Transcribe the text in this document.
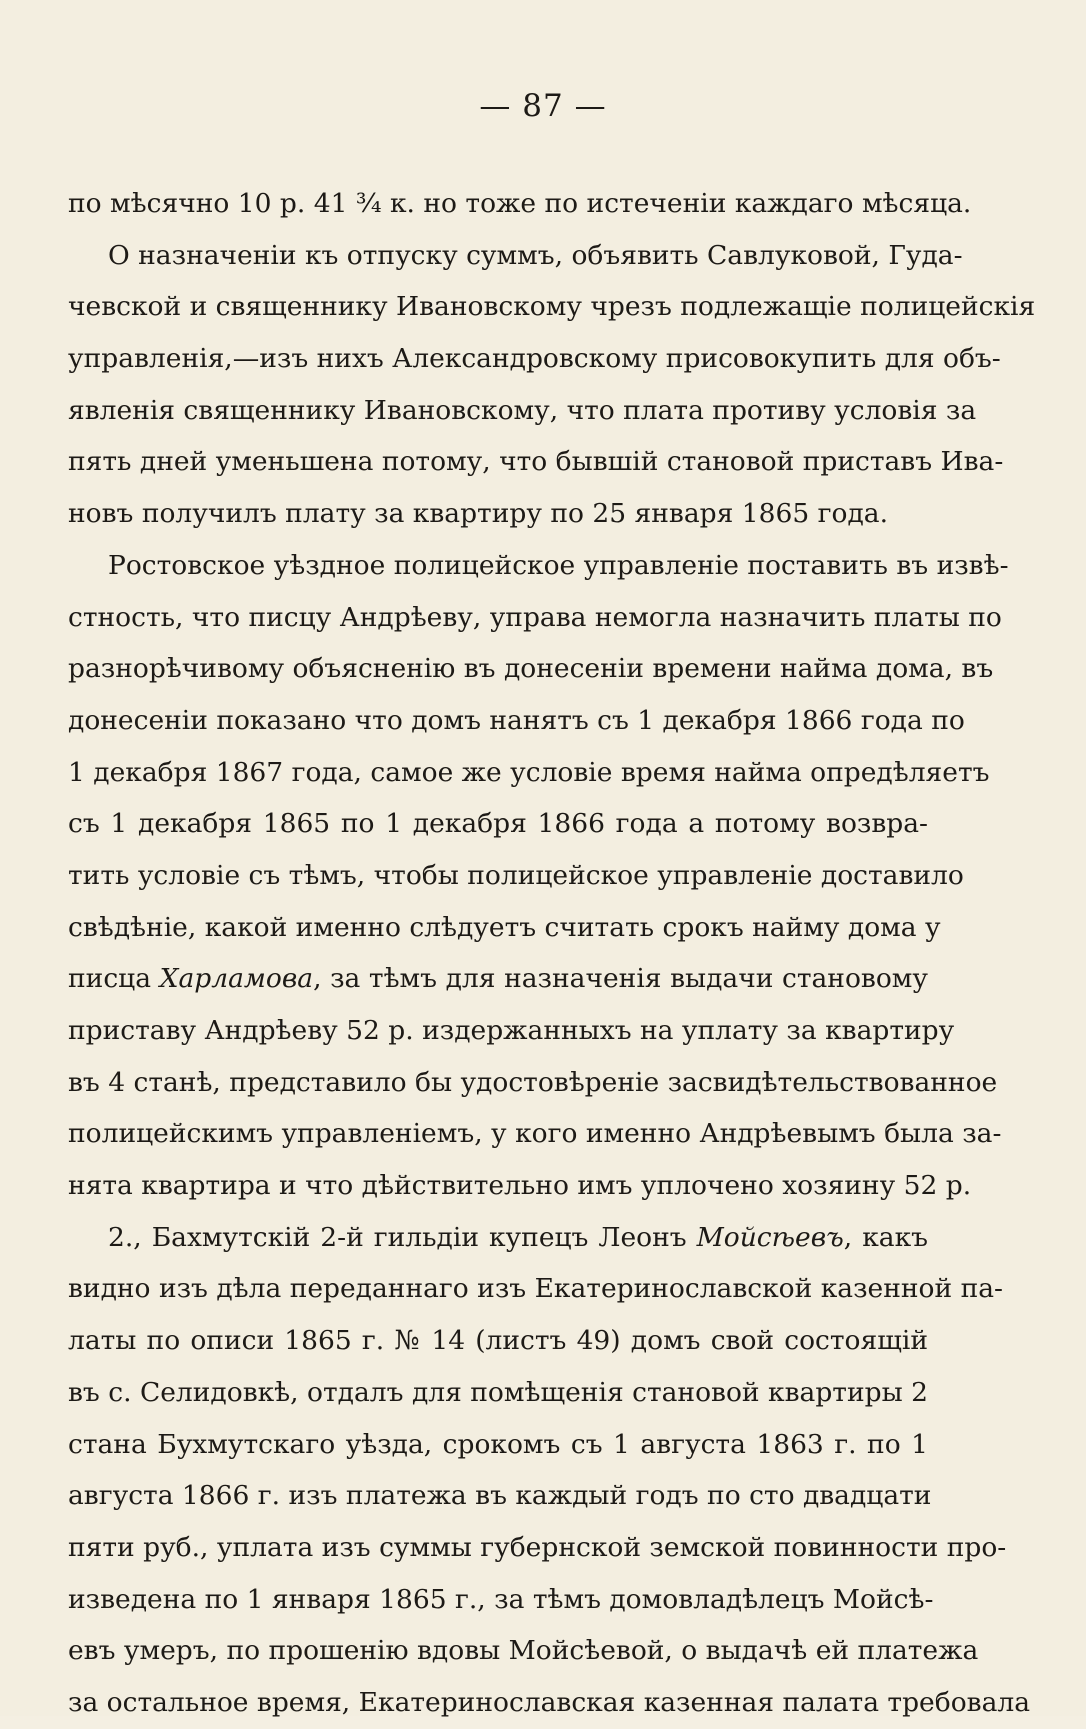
— 87 —
по мѣсячно 10 р. 41 ¾ к. но тоже по истеченіи каждаго мѣсяца.
О назначеніи къ отпуску суммъ, объявить Савлуковой, Гуда-
чевской и священнику Ивановскому чрезъ подлежащіе полицейскія
управленія,—изъ нихъ Александровскому присовокупить для объ-
явленія священнику Ивановскому, что плата противу условія за
пять дней уменьшена потому, что бывшій становой приставъ Ива-
новъ получилъ плату за квартиру по 25 января 1865 года.
Ростовское уѣздное полицейское управленіе поставить въ извѣ-
стность, что писцу Андрѣеву, управа немогла назначить платы по
разнорѣчивому объясненію въ донесеніи времени найма дома, въ
донесеніи показано что домъ нанятъ съ 1 декабря 1866 года по
1 декабря 1867 года, самое же условіе время найма опредѣляетъ
съ 1 декабря 1865 по 1 декабря 1866 года а потому возвра-
тить условіе съ тѣмъ, чтобы полицейское управленіе доставило
свѣдѣніе, какой именно слѣдуетъ считать срокъ найму дома у
писца Харламова, за тѣмъ для назначенія выдачи становому
приставу Андрѣеву 52 р. издержанныхъ на уплату за квартиру
въ 4 станѣ, представило бы удостовѣреніе засвидѣтельствованное
полицейскимъ управленіемъ, у кого именно Андрѣевымъ была за-
нята квартира и что дѣйствительно имъ уплочено хозяину 52 р.
2., Бахмутскій 2-й гильдіи купецъ Леонъ Мойсѣевъ, какъ
видно изъ дѣла переданнаго изъ Екатеринославской казенной па-
латы по описи 1865 г. № 14 (листъ 49) домъ свой состоящій
въ с. Селидовкѣ, отдалъ для помѣщенія становой квартиры 2
стана Бухмутскаго уѣзда, срокомъ съ 1 августа 1863 г. по 1
августа 1866 г. изъ платежа въ каждый годъ по сто двадцати
пяти руб., уплата изъ суммы губернской земской повинности про-
изведена по 1 января 1865 г., за тѣмъ домовладѣлецъ Мойсѣ-
евъ умеръ, по прошенію вдовы Мойсѣевой, о выдачѣ ей платежа
за остальное время, Екатеринославская казенная палата требовала
